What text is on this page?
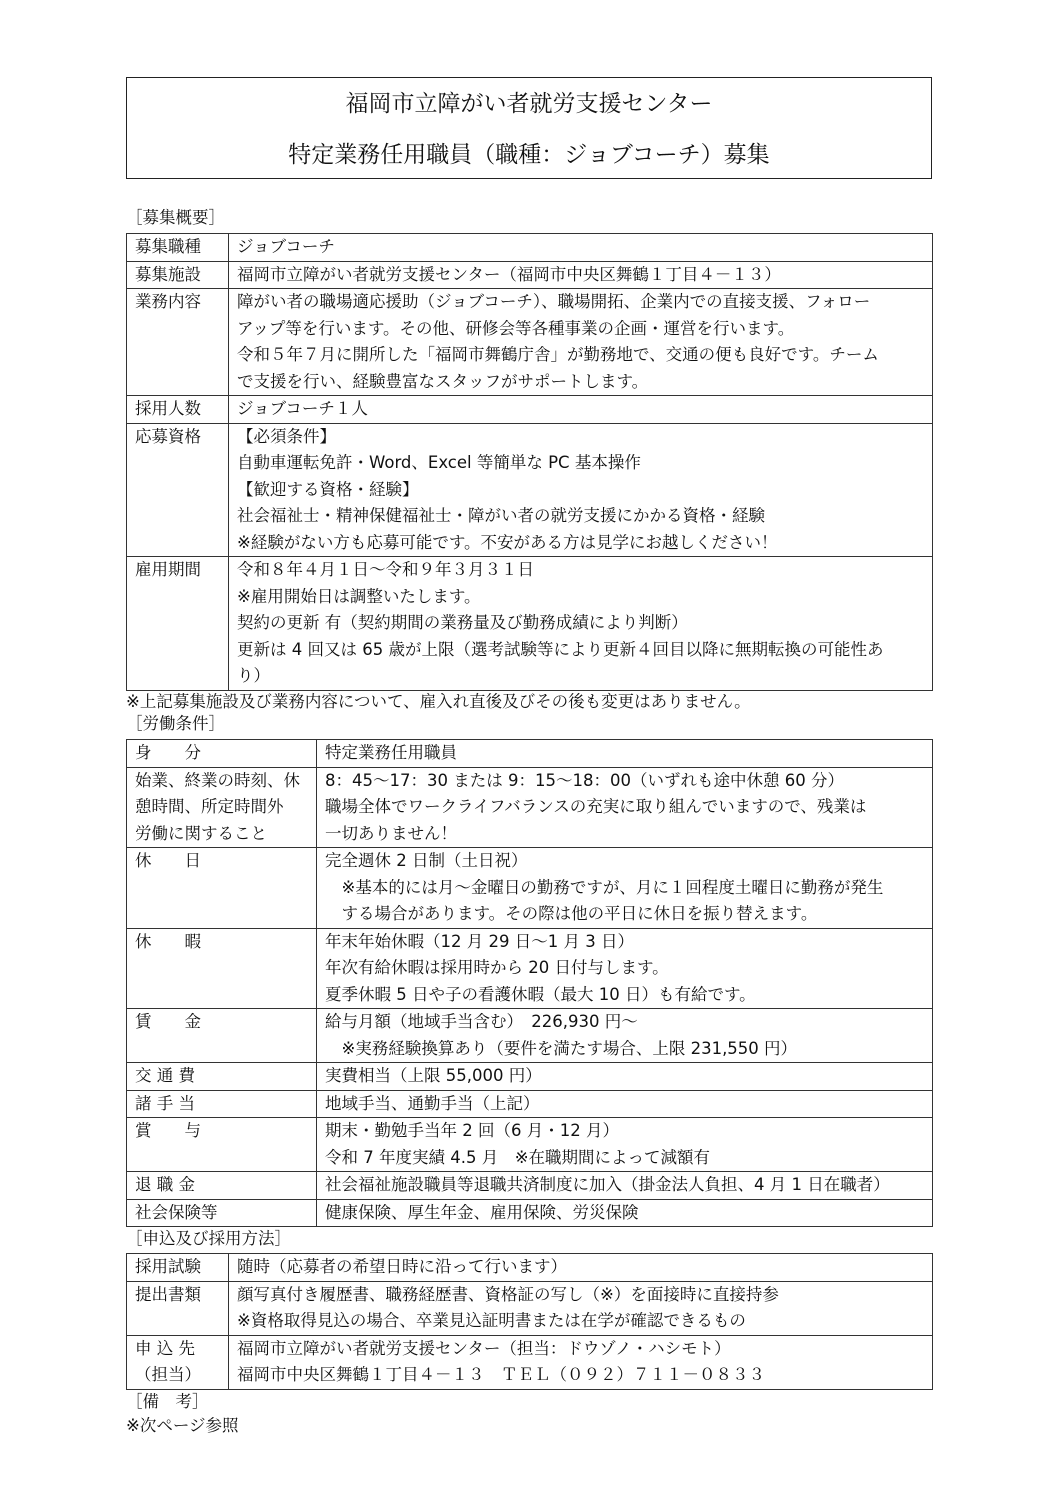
福岡市立障がい者就労支援センター
特定業務任用職員（職種：ジョブコーチ）募集
［募集概要］
募集職種	ジョブコーチ

募集施設	福岡市立障がい者就労支援センター（福岡市中央区舞鶴１丁目４－１３）

業務内容	障がい者の職場適応援助（ジョブコーチ）、職場開拓、企業内での直接支援、フォロー
アップ等を行います。その他、研修会等各種事業の企画・運営を行います。
令和５年７月に開所した「福岡市舞鶴庁舎」が勤務地で、交通の便も良好です。チーム
で支援を行い、経験豊富なスタッフがサポートします。

採用人数	ジョブコーチ１人

応募資格	【必須条件】
自動車運転免許・Word、Excel 等簡単な PC 基本操作
【歓迎する資格・経験】
社会福祉士・精神保健福祉士・障がい者の就労支援にかかる資格・経験
※経験がない方も応募可能です。不安がある方は見学にお越しください！

雇用期間	令和８年４月１日～令和９年３月３１日
※雇用開始日は調整いたします。
契約の更新 有（契約期間の業務量及び勤務成績により判断）
更新は 4 回又は 65 歳が上限（選考試験等により更新４回目以降に無期転換の可能性あ
り）
※上記募集施設及び業務内容について、雇入れ直後及びその後も変更はありません。
［労働条件］
身　　分	特定業務任用職員

始業、終業の時刻、休
憩時間、所定時間外
労働に関すること	8：45～17：30 または 9：15～18：00（いずれも途中休憩 60 分）
職場全体でワークライフバランスの充実に取り組んでいますので、残業は
一切ありません！

休　　日	完全週休 2 日制（土日祝）
　※基本的には月～金曜日の勤務ですが、月に１回程度土曜日に勤務が発生
　する場合があります。その際は他の平日に休日を振り替えます。

休　　暇	年末年始休暇（12 月 29 日～1 月 3 日）
年次有給休暇は採用時から 20 日付与します。
夏季休暇 5 日や子の看護休暇（最大 10 日）も有給です。

賃　　金	給与月額（地域手当含む）　226,930 円～
　※実務経験換算あり（要件を満たす場合、上限 231,550 円）

交 通 費	実費相当（上限 55,000 円）

諸 手 当	地域手当、通勤手当（上記）

賞　　与	期末・勤勉手当年 2 回（6 月・12 月）
令和 7 年度実績 4.5 月　※在職期間によって減額有

退 職 金	社会福祉施設職員等退職共済制度に加入（掛金法人負担、4 月 1 日在職者）

社会保険等	健康保険、厚生年金、雇用保険、労災保険
［申込及び採用方法］
採用試験	随時（応募者の希望日時に沿って行います）

提出書類	顔写真付き履歴書、職務経歴書、資格証の写し（※）を面接時に直接持参
※資格取得見込の場合、卒業見込証明書または在学が確認できるもの

申 込 先
（担当）	福岡市立障がい者就労支援センター（担当：ドウゾノ・ハシモト）
福岡市中央区舞鶴１丁目４－１３　ＴＥＬ（０９２）７１１－０８３３
［備　考］
※次ページ参照
